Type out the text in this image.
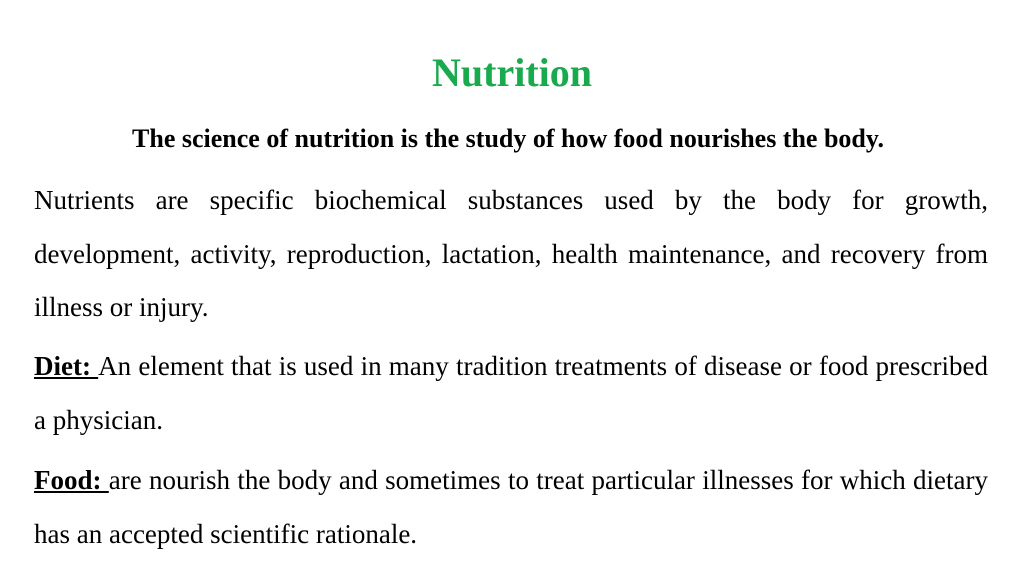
Nutrition

The science of nutrition is the study of how food nourishes the body.

Nutrients are specific biochemical substances used by the body for growth, development, activity, reproduction, lactation, health maintenance, and recovery from illness or injury.

Diet: An element that is used in many tradition treatments of disease or food prescribed a physician.

Food: are nourish the body and sometimes to treat particular illnesses for which dietary has an accepted scientific rationale.
